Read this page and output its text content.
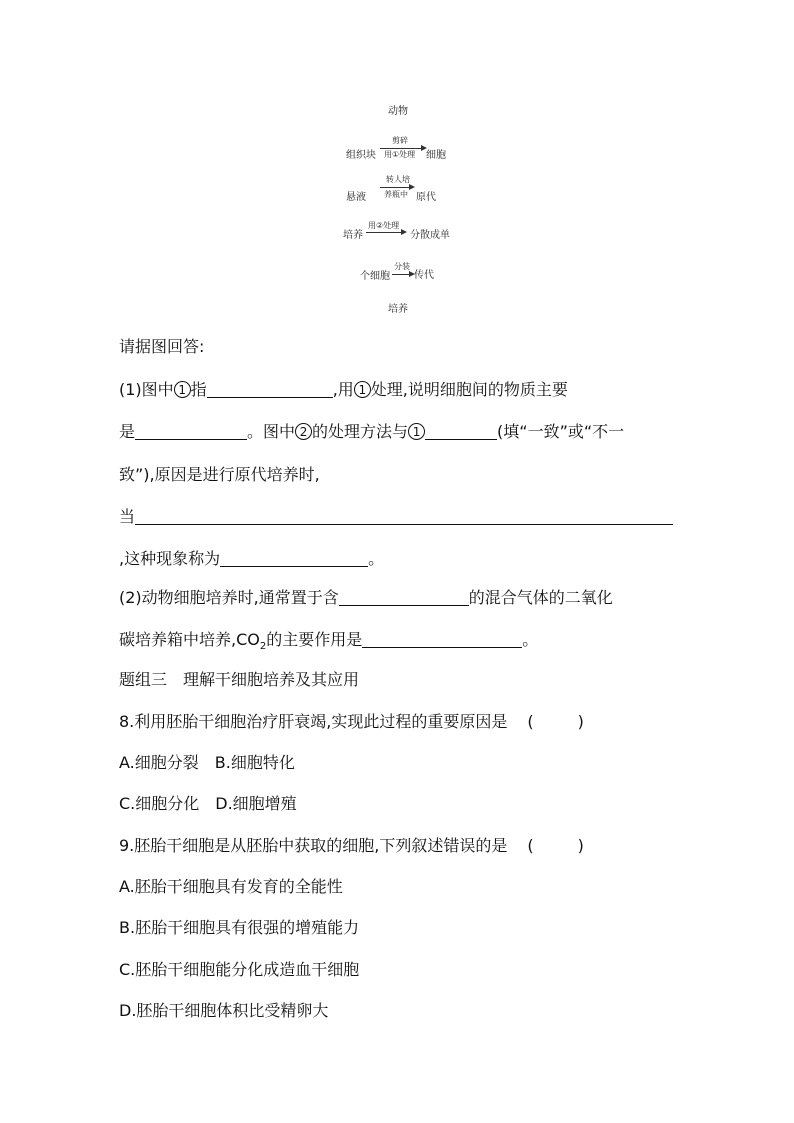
动物
组织块
剪碎
用①处理 细胞
悬液
转人培
养瓶中 原代
培养
用②处理
分散成单
个细胞
分装
传代
培养
请据图回答:
(1)图中 1 指	,用 1 处理,说明细胞间的物质主要
是	。图中 2 的处理方法与 1	(填“一致”或“不一
致”),原因是进行原代培养时,
当
,这种现象称为	。
(2)动物细胞培养时,通常置于含	的混合气体的二氧化
碳培养箱中培养$,CO_2$的主要作用是	。
题组三　理解干细胞培养及其应用
8.利用胚胎干细胞治疗肝衰竭,实现此过程的重要原因是 (	)
A.细胞分裂 B.细胞特化
C.细胞分化 D.细胞增殖
9.胚胎干细胞是从胚胎中获取的细胞,下列叙述错误的是 (	)
A.胚胎干细胞具有发育的全能性
B.胚胎干细胞具有很强的增殖能力
C.胚胎干细胞能分化成造血干细胞
D.胚胎干细胞体积比受精卵大
